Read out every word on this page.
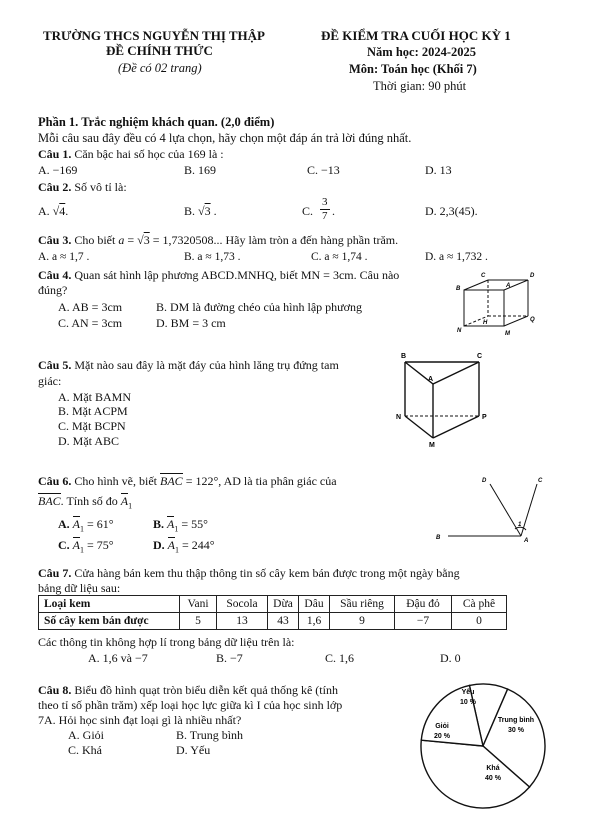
TRƯỜNG THCS NGUYỄN THỊ THẬP
ĐỀ CHÍNH THỨC
(Đề có 02 trang)
ĐỀ KIỂM TRA CUỐI HỌC KỲ 1
Năm học: 2024-2025
Môn: Toán học (Khối 7)
Thời gian: 90 phút
Phần 1. Trắc nghiệm khách quan. (2,0 điểm)
Mỗi câu sau đây đều có 4 lựa chọn, hãy chọn một đáp án trả lời đúng nhất.
Câu 1. Căn bậc hai số học của 169 là :
A. −169	B. 169	C. −13	D. 13
Câu 2. Số vô tỉ là:
A. √4.	B. √3 .	C.
3
7 .	D. 2,3(45).
Câu 3. Cho biết a = √3 = 1,7320508... Hãy làm tròn a đến hàng phần trăm.
A. a ≈ 1,7 .	B. a ≈ 1,73 .	C. a ≈ 1,74 .	D. a ≈ 1,732 .
Câu 4. Quan sát hình lập phương ABCD.MNHQ, biết MN = 3cm. Câu nào
đúng?
A. AB = 3cm	B. DM là đường chéo của hình lập phương
C. AN = 3cm	D. BM = 3 cm
C	D
B	A
N
H	Q
M
Câu 5. Mặt nào sau đây là mặt đáy của hình lăng trụ đứng tam
giác:
A. Mặt BAMN
B. Mặt ACPM
C. Mặt BCPN
D. Mặt ABC
B	C
A
N	P
M
Câu 6. Cho hình vẽ, biết BAC = 122°, AD là tia phân giác của
BAC. Tính số đo $A_1$
A. $A_1 = 61^\circ$	B. $A_1 = 55^\circ$
C. $A_1 = 75^\circ$	D. $A_1 = 244^\circ$
D	C
B	A
1
Câu 7. Cửa hàng bán kem thu thập thông tin số cây kem bán được trong một ngày bằng
bảng dữ liệu sau:
Loại kem	Vani	Socola	Dừa	Dâu	Sầu riêng	Đậu đỏ	Cà phê
Số cây kem bán được	5	13	43	1,6	9	−7	0
Các thông tin không hợp lí trong bảng dữ liệu trên là:
A. 1,6 và −7	B. −7	C. 1,6	D. 0
Câu 8. Biểu đồ hình quạt tròn biểu diễn kết quả thống kê (tính
theo tỉ số phần trăm) xếp loại học lực giữa kì I của học sinh lớp
7A. Hỏi học sinh đạt loại gì là nhiều nhất?
A. Giỏi	B. Trung bình
C. Khá	D. Yếu
Yếu
Trung bình
Khá
Giỏi
10 %
30 %
40 %
20 %
